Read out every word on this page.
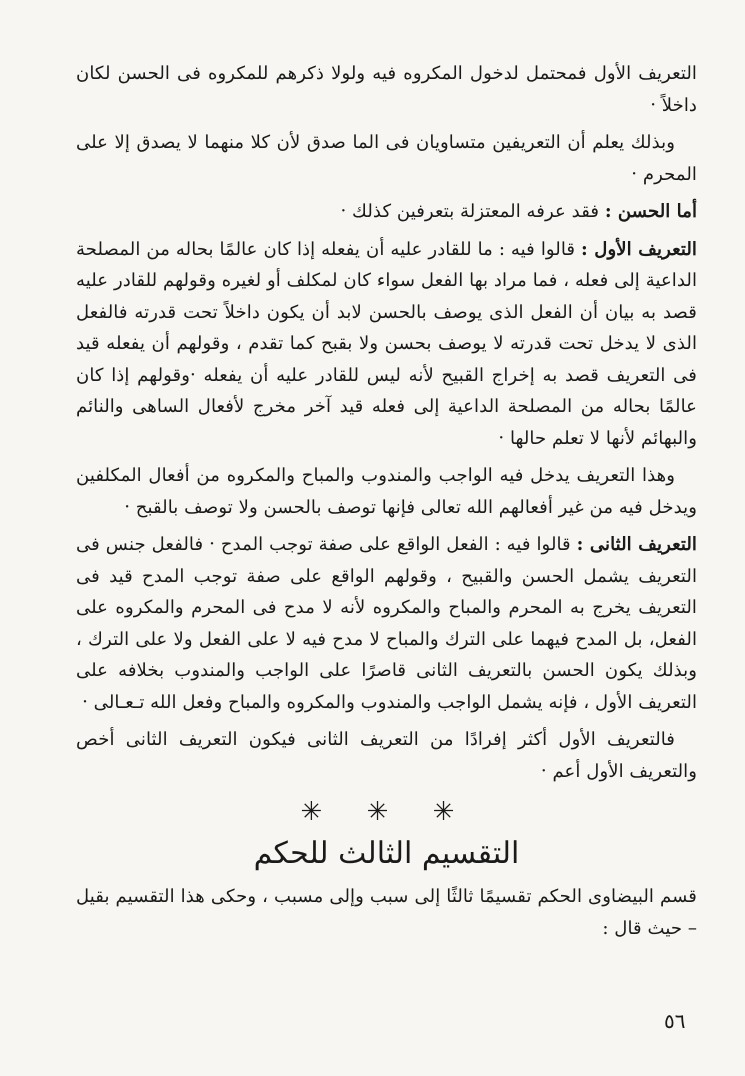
التعريف الأول فمحتمل لدخول المكروه فيه ولولا ذكرهم للمكروه فى الحسن لكان داخلاً ·

وبذلك يعلم أن التعريفين متساويان فى الما صدق لأن كلا منهما لا يصدق إلا على المحرم ·

أما الحسن : فقد عرفه المعتزلة بتعرفين كذلك ·

التعريف الأول : قالوا فيه : ما للقادر عليه أن يفعله إذا كان عالمًا بحاله من المصلحة الداعية إلى فعله ، فما مراد بها الفعل سواء كان لمكلف أو لغيره وقولهم للقادر عليه قصد به بيان أن الفعل الذى يوصف بالحسن لابد أن يكون داخلاً تحت قدرته فالفعل الذى لا يدخل تحت قدرته لا يوصف بحسن ولا بقبح كما تقدم ، وقولهم أن يفعله قيد فى التعريف قصد به إخراج القبيح لأنه ليس للقادر عليه أن يفعله ·وقولهم إذا كان عالمًا بحاله من المصلحة الداعية إلى فعله قيد آخر مخرج لأفعال الساهى والنائم والبهائم لأنها لا تعلم حالها ·

وهذا التعريف يدخل فيه الواجب والمندوب والمباح والمكروه من أفعال المكلفين ويدخل فيه من غير أفعالهم الله تعالى فإنها توصف بالحسن ولا توصف بالقبح ·

التعريف الثانى : قالوا فيه : الفعل الواقع على صفة توجب المدح · فالفعل جنس فى التعريف يشمل الحسن والقبيح ، وقولهم الواقع على صفة توجب المدح قيد فى التعريف يخرج به المحرم والمباح والمكروه لأنه لا مدح فى المحرم والمكروه على الفعل، بل المدح فيهما على الترك والمباح لا مدح فيه لا على الفعل ولا على الترك ، وبذلك يكون الحسن بالتعريف الثانى قاصرًا على الواجب والمندوب بخلافه على التعريف الأول ، فإنه يشمل الواجب والمندوب والمكروه والمباح وفعل الله تـعـالى ·

فالتعريف الأول أكثر إفرادًا من التعريف الثانى فيكون التعريف الثانى أخص والتعريف الأول أعم ·

✳ ✳ ✳
التقسيم الثالث للحكم

قسم البيضاوى الحكم تقسيمًا ثالثًا إلى سبب وإلى مسبب ، وحكى هذا التقسيم بقيل – حيث قال :

٥٦
